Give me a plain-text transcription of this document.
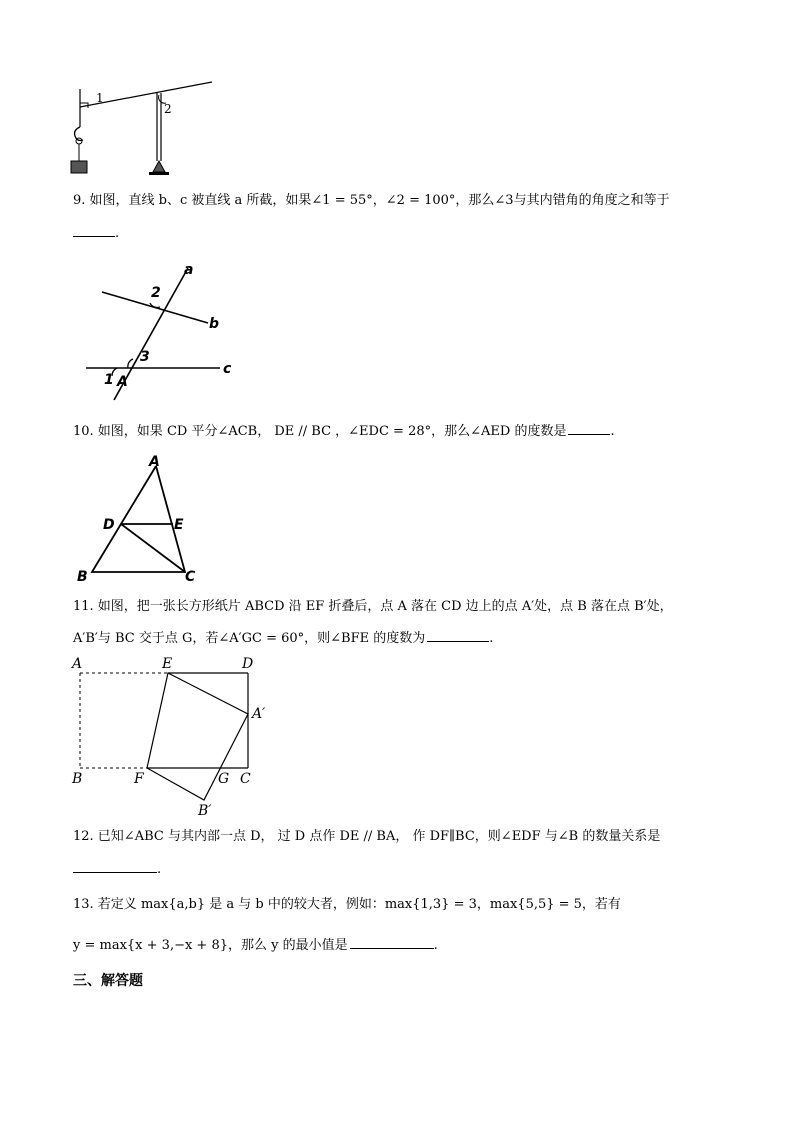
1
2
9. 如图，直线 b、c 被直线 a 所截，如果∠1 = 55°，∠2 = 100°，那么∠3与其内错角的角度之和等于
.
a
b
c
2
3
1 A
10. 如图，如果 CD 平分∠ACB， DE // BC ，∠EDC = 28°，那么∠AED 的度数是	.
A
D	E
B	C
11. 如图，把一张长方形纸片 ABCD 沿 EF 折叠后，点 A 落在 CD 边上的点 A′处，点 B 落在点 B′处，
A′B′与 BC 交于点 G，若∠A′GC = 60°，则∠BFE 的度数为	.
A	E	D
A′
B	F	G C
B′
12. 已知∠ABC 与其内部一点 D， 过 D 点作 DE // BA， 作 DF∥BC，则∠EDF 与∠B 的数量关系是
.
13. 若定义 max{a,b} 是 a 与 b 中的较大者，例如：max{1,3} = 3，max{5,5} = 5，若有
y = max{x + 3,−x + 8}，那么 y 的最小值是	.
三、解答题
